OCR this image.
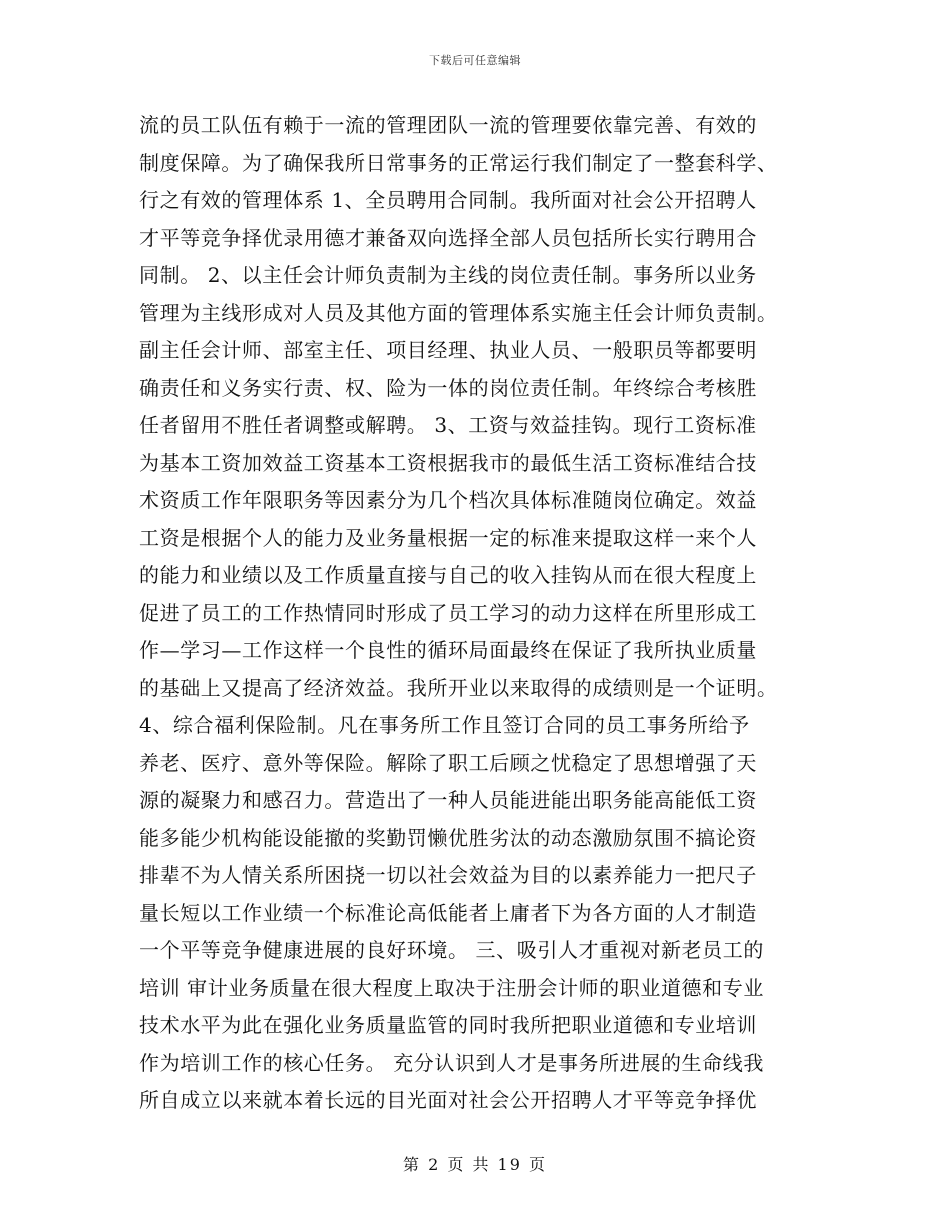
下载后可任意编辑
流的员工队伍有赖于一流的管理团队一流的管理要依靠完善、有效的
制度保障。为了确保我所日常事务的正常运行我们制定了一整套科学、
行之有效的管理体系 1、全员聘用合同制。我所面对社会公开招聘人
才平等竞争择优录用德才兼备双向选择全部人员包括所长实行聘用合
同制。 2、以主任会计师负责制为主线的岗位责任制。事务所以业务
管理为主线形成对人员及其他方面的管理体系实施主任会计师负责制。
副主任会计师、部室主任、项目经理、执业人员、一般职员等都要明
确责任和义务实行责、权、险为一体的岗位责任制。年终综合考核胜
任者留用不胜任者调整或解聘。 3、工资与效益挂钩。现行工资标准
为基本工资加效益工资基本工资根据我市的最低生活工资标准结合技
术资质工作年限职务等因素分为几个档次具体标准随岗位确定。效益
工资是根据个人的能力及业务量根据一定的标准来提取这样一来个人
的能力和业绩以及工作质量直接与自己的收入挂钩从而在很大程度上
促进了员工的工作热情同时形成了员工学习的动力这样在所里形成工
作—学习—工作这样一个良性的循环局面最终在保证了我所执业质量
的基础上又提高了经济效益。我所开业以来取得的成绩则是一个证明。
4、综合福利保险制。凡在事务所工作且签订合同的员工事务所给予
养老、医疗、意外等保险。解除了职工后顾之忧稳定了思想增强了天
源的凝聚力和感召力。营造出了一种人员能进能出职务能高能低工资
能多能少机构能设能撤的奖勤罚懒优胜劣汰的动态激励氛围不搞论资
排辈不为人情关系所困挠一切以社会效益为目的以素养能力一把尺子
量长短以工作业绩一个标准论高低能者上庸者下为各方面的人才制造
一个平等竞争健康进展的良好环境。 三、吸引人才重视对新老员工的
培训 审计业务质量在很大程度上取决于注册会计师的职业道德和专业
技术水平为此在强化业务质量监管的同时我所把职业道德和专业培训
作为培训工作的核心任务。 充分认识到人才是事务所进展的生命线我
所自成立以来就本着长远的目光面对社会公开招聘人才平等竞争择优
第 2 页 共 19 页
